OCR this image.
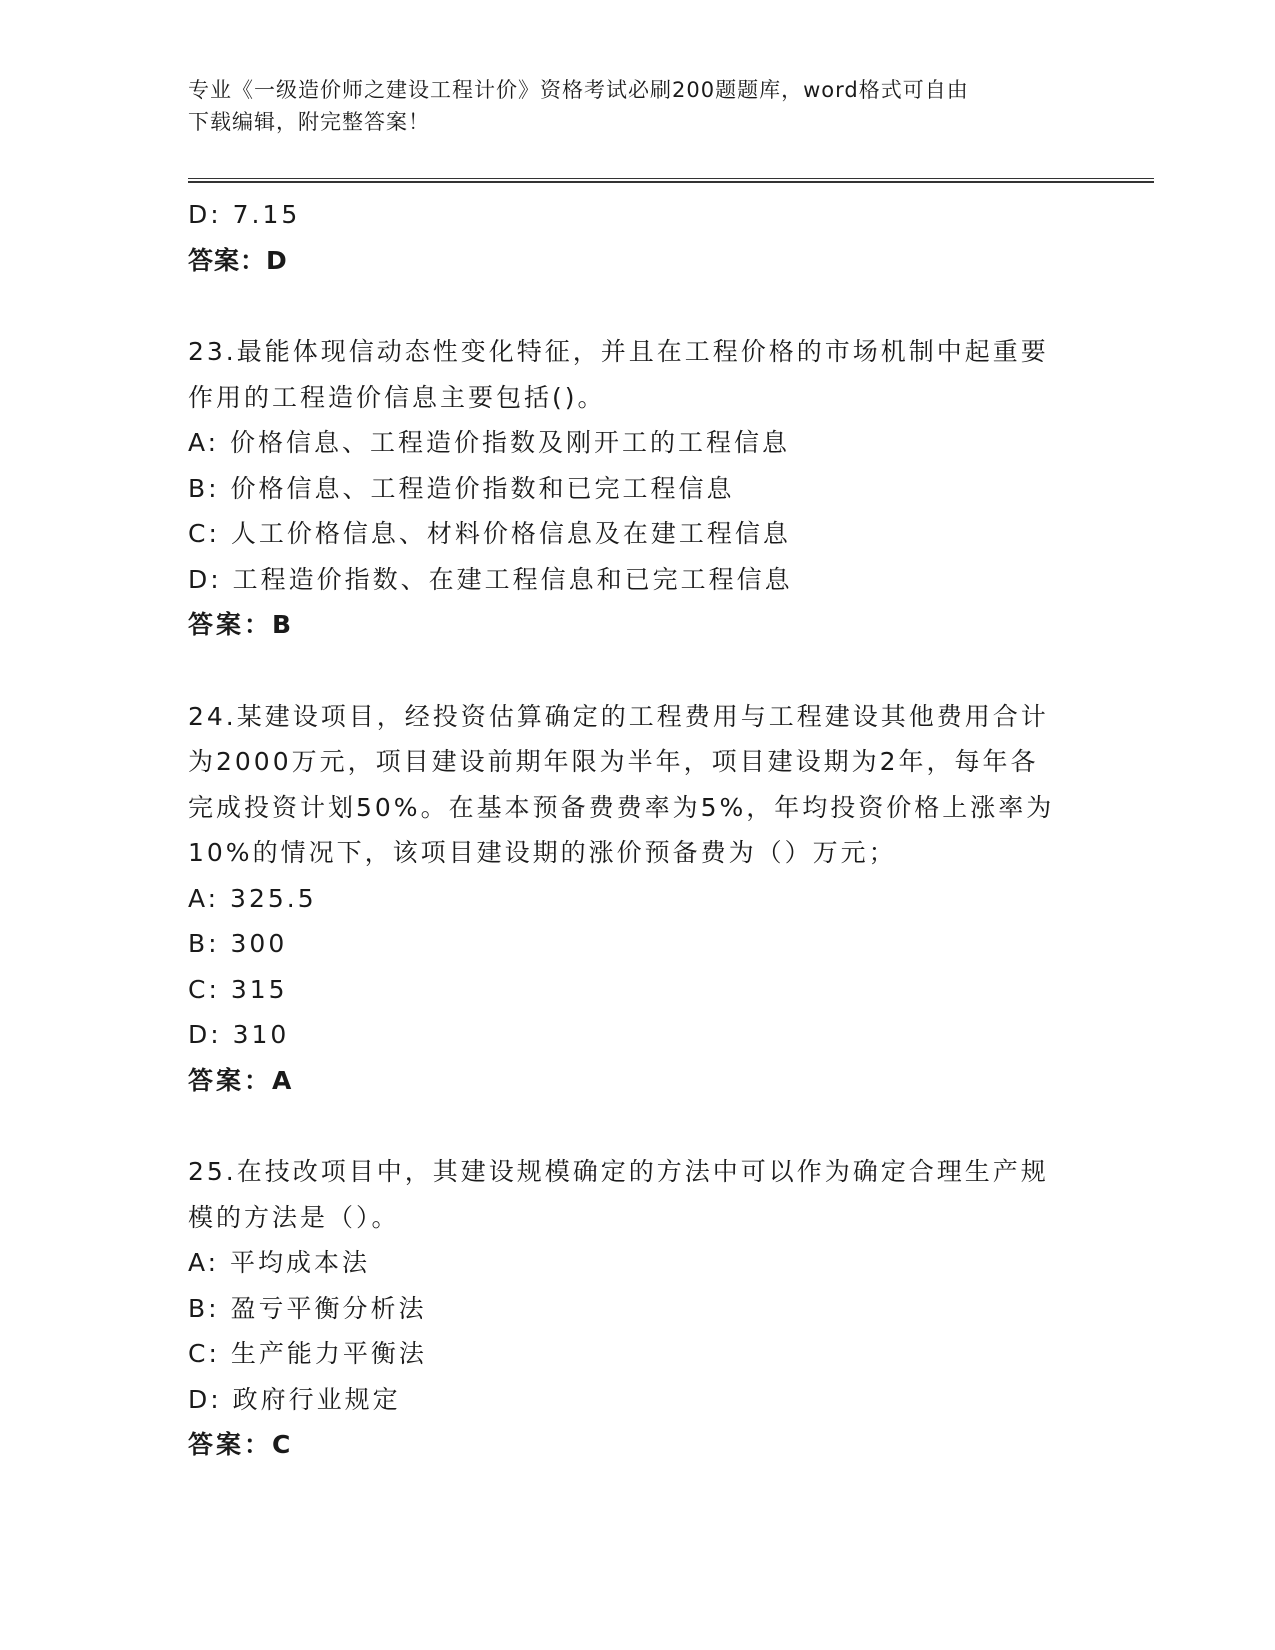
专业《一级造价师之建设工程计价》资格考试必刷200题题库，word格式可自由
下载编辑，附完整答案！
D: 7.15
答案：D
23.最能体现信动态性变化特征，并且在工程价格的市场机制中起重要
作用的工程造价信息主要包括()。
A: 价格信息、工程造价指数及刚开工的工程信息
B: 价格信息、工程造价指数和已完工程信息
C: 人工价格信息、材料价格信息及在建工程信息
D: 工程造价指数、在建工程信息和已完工程信息
答案：B
24.某建设项目，经投资估算确定的工程费用与工程建设其他费用合计
为2000万元，项目建设前期年限为半年，项目建设期为2年，每年各
完成投资计划50%。在基本预备费费率为5%，年均投资价格上涨率为
10%的情况下，该项目建设期的涨价预备费为（）万元；
A: 325.5
B: 300
C: 315
D: 310
答案：A
25.在技改项目中，其建设规模确定的方法中可以作为确定合理生产规
模的方法是（）。
A: 平均成本法
B: 盈亏平衡分析法
C: 生产能力平衡法
D: 政府行业规定
答案：C
